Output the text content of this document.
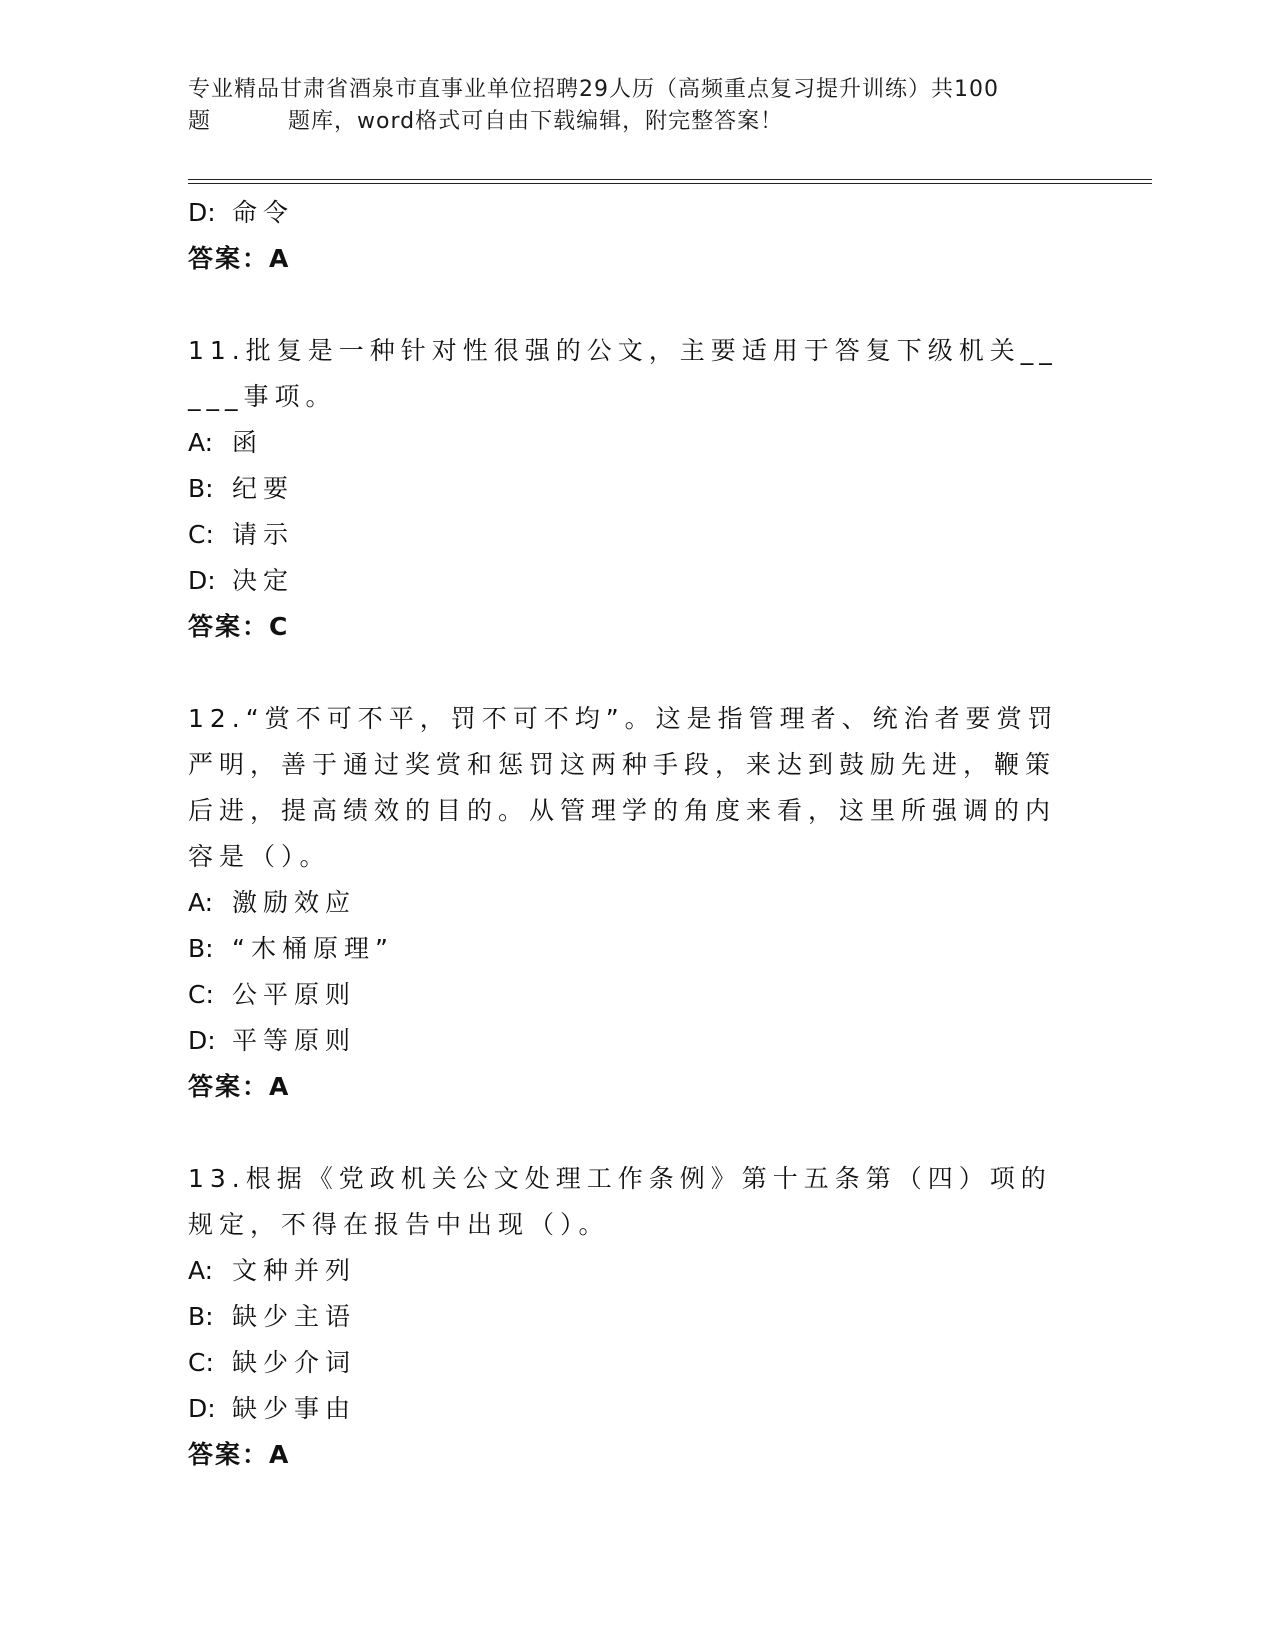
专业精品甘肃省酒泉市直事业单位招聘29人历（高频重点复习提升训练）共100
题	题库，word格式可自由下载编辑，附完整答案！
D: 命令
答案：A
11.批复是一种针对性很强的公文，主要适用于答复下级机关_____事项。
A: 函
B: 纪要
C: 请示
D: 决定
答案：C
12.“赏不可不平，罚不可不均”。这是指管理者、统治者要赏罚严明，善于通过奖赏和惩罚这两种手段，来达到鼓励先进，鞭策后进，提高绩效的目的。从管理学的角度来看，这里所强调的内容是（）。
A: 激励效应
B: “木桶原理”
C: 公平原则
D: 平等原则
答案：A
13.根据《党政机关公文处理工作条例》第十五条第（四）项的规定，不得在报告中出现（）。
A: 文种并列
B: 缺少主语
C: 缺少介词
D: 缺少事由
答案：A
